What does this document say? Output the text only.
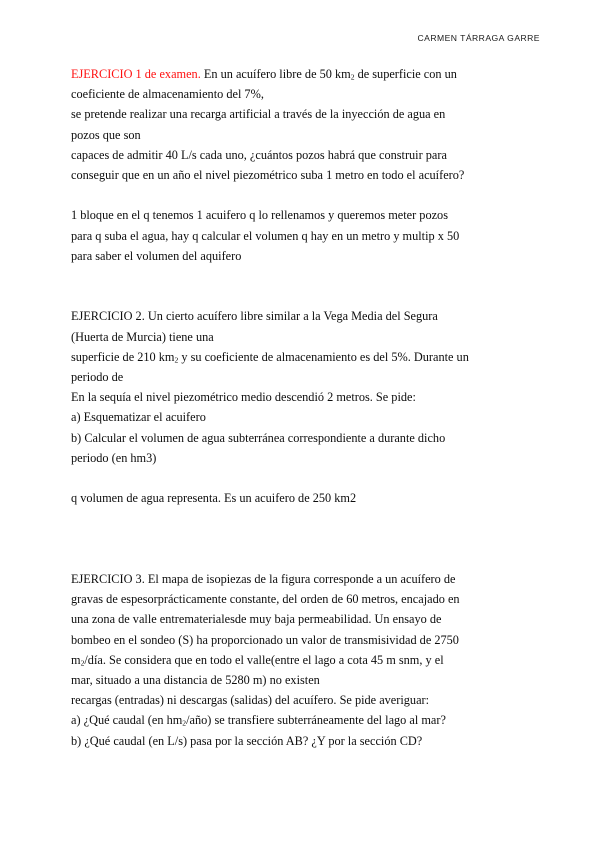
CARMEN TÁRRAGA GARRE
EJERCICIO 1 de examen. En un acuífero libre de 50 $km_2$ de superficie con un
coeficiente de almacenamiento del 7%,
se pretende realizar una recarga artificial a través de la inyección de agua en
pozos que son
capaces de admitir 40 L/s cada uno, ¿cuántos pozos habrá que construir para
conseguir que en un año el nivel piezométrico suba 1 metro en todo el acuífero?
1 bloque en el q tenemos 1 acuifero q lo rellenamos y queremos meter pozos
para q suba el agua, hay q calcular el volumen q hay en un metro y multip x 50
para saber el volumen del aquifero
EJERCICIO 2. Un cierto acuífero libre similar a la Vega Media del Segura
(Huerta de Murcia) tiene una
superficie de 210 $km_2$ y su coeficiente de almacenamiento es del 5%. Durante un
periodo de
En la sequía el nivel piezométrico medio descendió 2 metros. Se pide:
a) Esquematizar el acuifero
b) Calcular el volumen de agua subterránea correspondiente a durante dicho
periodo (en hm3)
q volumen de agua representa. Es un acuifero de 250 km2
EJERCICIO 3. El mapa de isopiezas de la figura corresponde a un acuífero de
gravas de espesorprácticamente constante, del orden de 60 metros, encajado en
una zona de valle entrematerialesde muy baja permeabilidad. Un ensayo de
bombeo en el sondeo (S) ha proporcionado un valor de transmisividad de 2750
$m_2$/día. Se considera que en todo el valle(entre el lago a cota 45 m snm, y el
mar, situado a una distancia de 5280 m) no existen
recargas (entradas) ni descargas (salidas) del acuífero. Se pide averiguar:
a) ¿Qué caudal (en $hm_2/año$) se transfiere subterráneamente del lago al mar?
b) ¿Qué caudal (en L/s) pasa por la sección AB? ¿Y por la sección CD?
